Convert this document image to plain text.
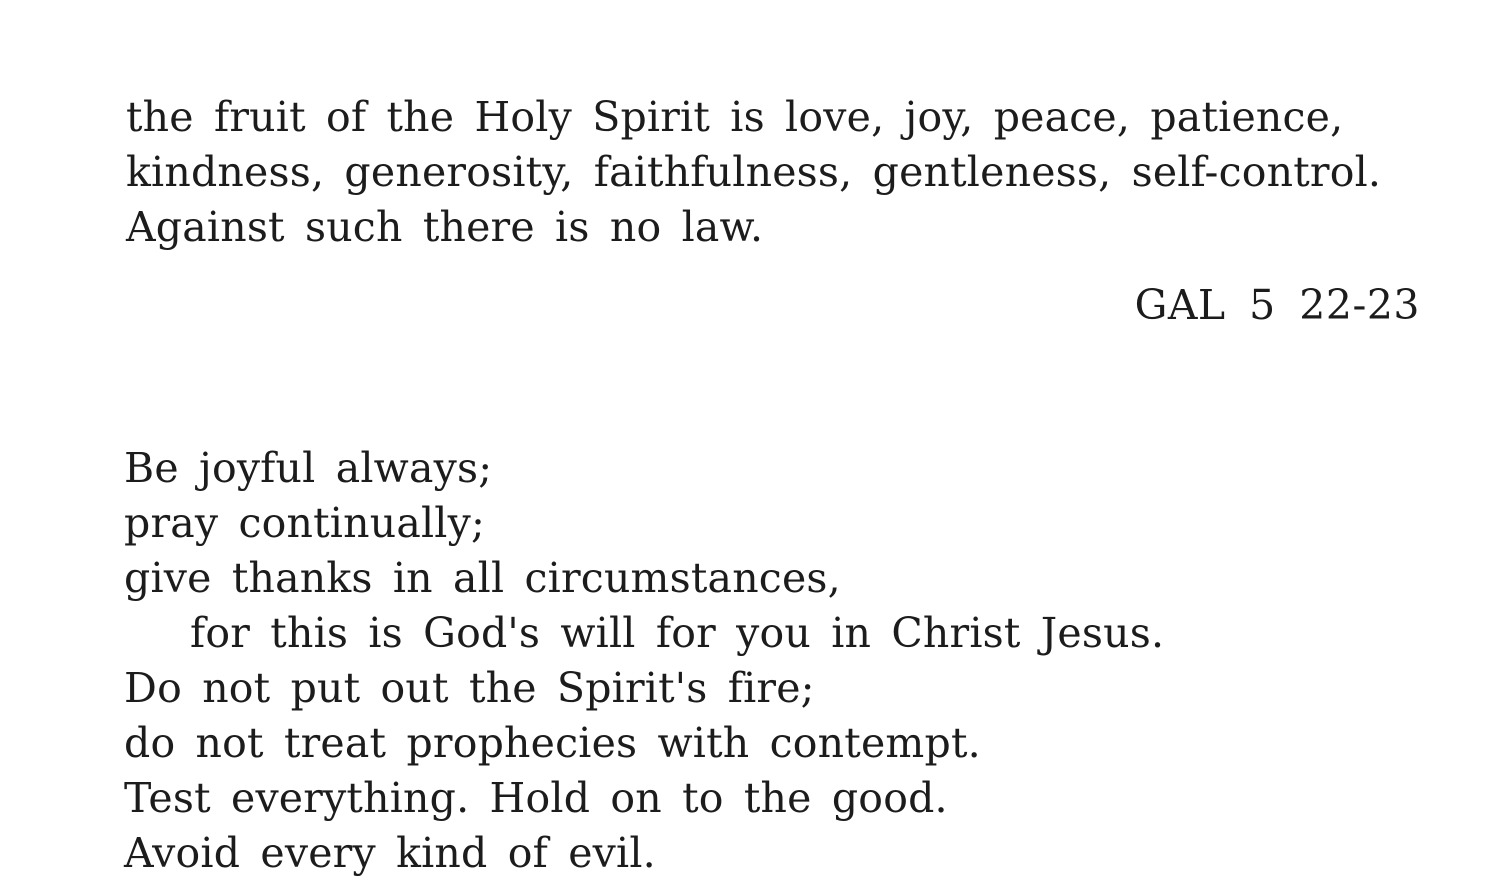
the fruit of the Holy Spirit is love, joy, peace, patience,
kindness, generosity, faithfulness, gentleness, self-control.
Against such there is no law.
GAL 5 22-23
Be joyful always;
pray continually;
give thanks in all circumstances,
for this is God's will for you in Christ Jesus.
Do not put out the Spirit's fire;
do not treat prophecies with contempt.
Test everything. Hold on to the good.
Avoid every kind of evil.
